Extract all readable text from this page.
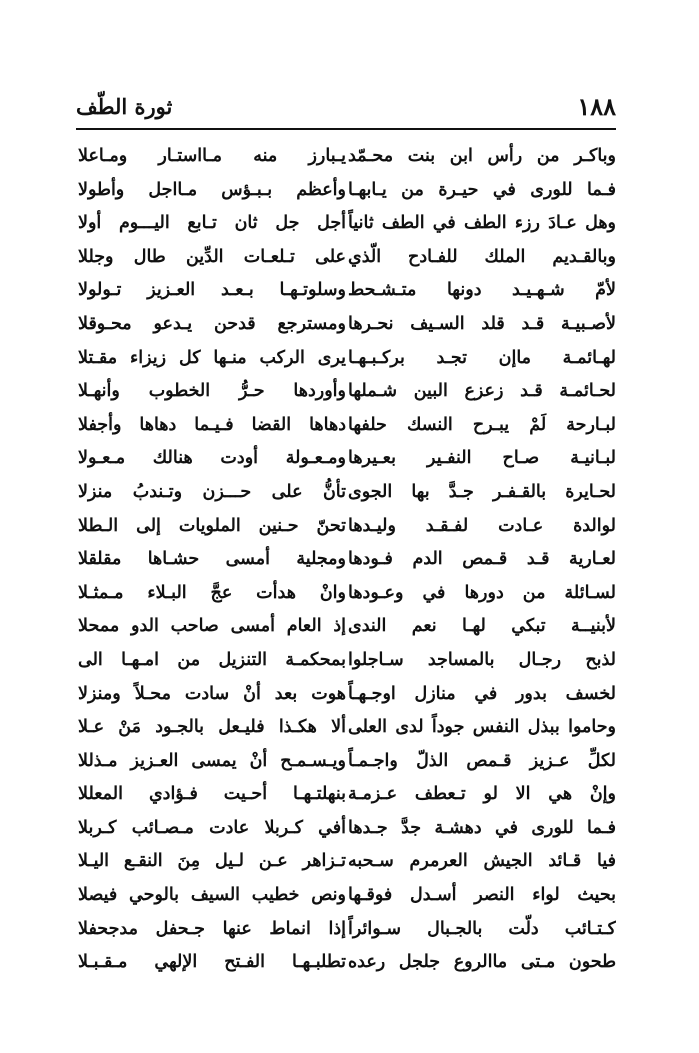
ثورة الطّف	١٨٨
وباكـر من رأس ابن بنت محـمّد
فـما للورى في حيـرة من يـابهـا
وهل عـادَ رزء الطف في الطف ثانياً
وبالقـديم الملك للفـادح الّذي
لأمّ شـهـيـد دونها متـشـحط
لأصـبيـة قـد قلد السـيف نحـرها
لهـائمـة ماإن تجـد بركـبـهـا
لحـائمـة قـد زعزع البين شـملها
لبـارحة لَمْ يبـرح النسك حلفها
لبـانيـة صـاح النفـير بعـيرها
لحـايرة بالقـفـر جـدَّ بها الجوى
لوالدة عـادت لفـقـد وليـدها
لعـارية قـد قـمص الدم فـودها
لسـائلة من دورها في وعـودها
لأبنيــة تبكي لهـا نعم الندى
لذبح رجـال بالمساجد سـاجلوا
لخسف بدور في منازل اوجـهـاً
وحاموا ببذل النفس جوداً لدى العلى
لكلِّ عـزيز قـمص الذلّ واجـمـاً
وإنْ هي الا لو تـعطف عـزمـة
فـما للورى في دهشـة جدَّ جـدها
فيا قـائد الجيش العرمرم سـحبه
بحيث لواء النصر أسـدل فوقـها
كـتـائب دلّت بالجـبال سـوائراً
طحون مـتى ماالروع جلجل رعده
يـبارز منه مـااستـار ومـاعلا
وأعظم بـبـؤس مـااجل وأطولا
أجل جل ثان تـابع اليـــوم أولا
على تـلعـات الدِّين طال وجللا
وسلوتـهـا بـعـد العـزيز تـولولا
ومسترجع قدحن يـدعو محـوقلا
يرى الركب منـها كل زيزاء مقـتلا
وأوردها حـرُّ الخطوب وأنهـلا
دهاها القضا فـيـما دهاها وأجفلا
ومـعـولة أودت هنالك مـعـولا
تأنُّ على حـــزن وتـندبُ منزلا
تحنّ حـنين الملويات إلى الـطلا
ومجلية أمسى حشـاها مقلقلا
وانْ هدأت عجَّ البـلاء مـمثـلا
إذ العام أمسى صاحب الدو ممحلا
بمحكمـة التنزيل من امـهـا الى
هوت بعد أنْ سادت محـلاً ومنزلا
ألا هكـذا فليـعل بالجـود مَنْ عـلا
ويـسـمـح أنْ يمسى العـزيز مـذللا
بنهلتـهـا أحـيت فـؤادي المعللا
أفي كـربلا عادت مـصـائب كـربلا
تـزاهر عـن لـيل مِنَ النقـع اليـلا
ونص خطيب السيف بالوحي فيصلا
إذا انماط عنها جـحفل مدجحفلا
تطلبـهـا الفـتح الإلهي مـقـبـلا
